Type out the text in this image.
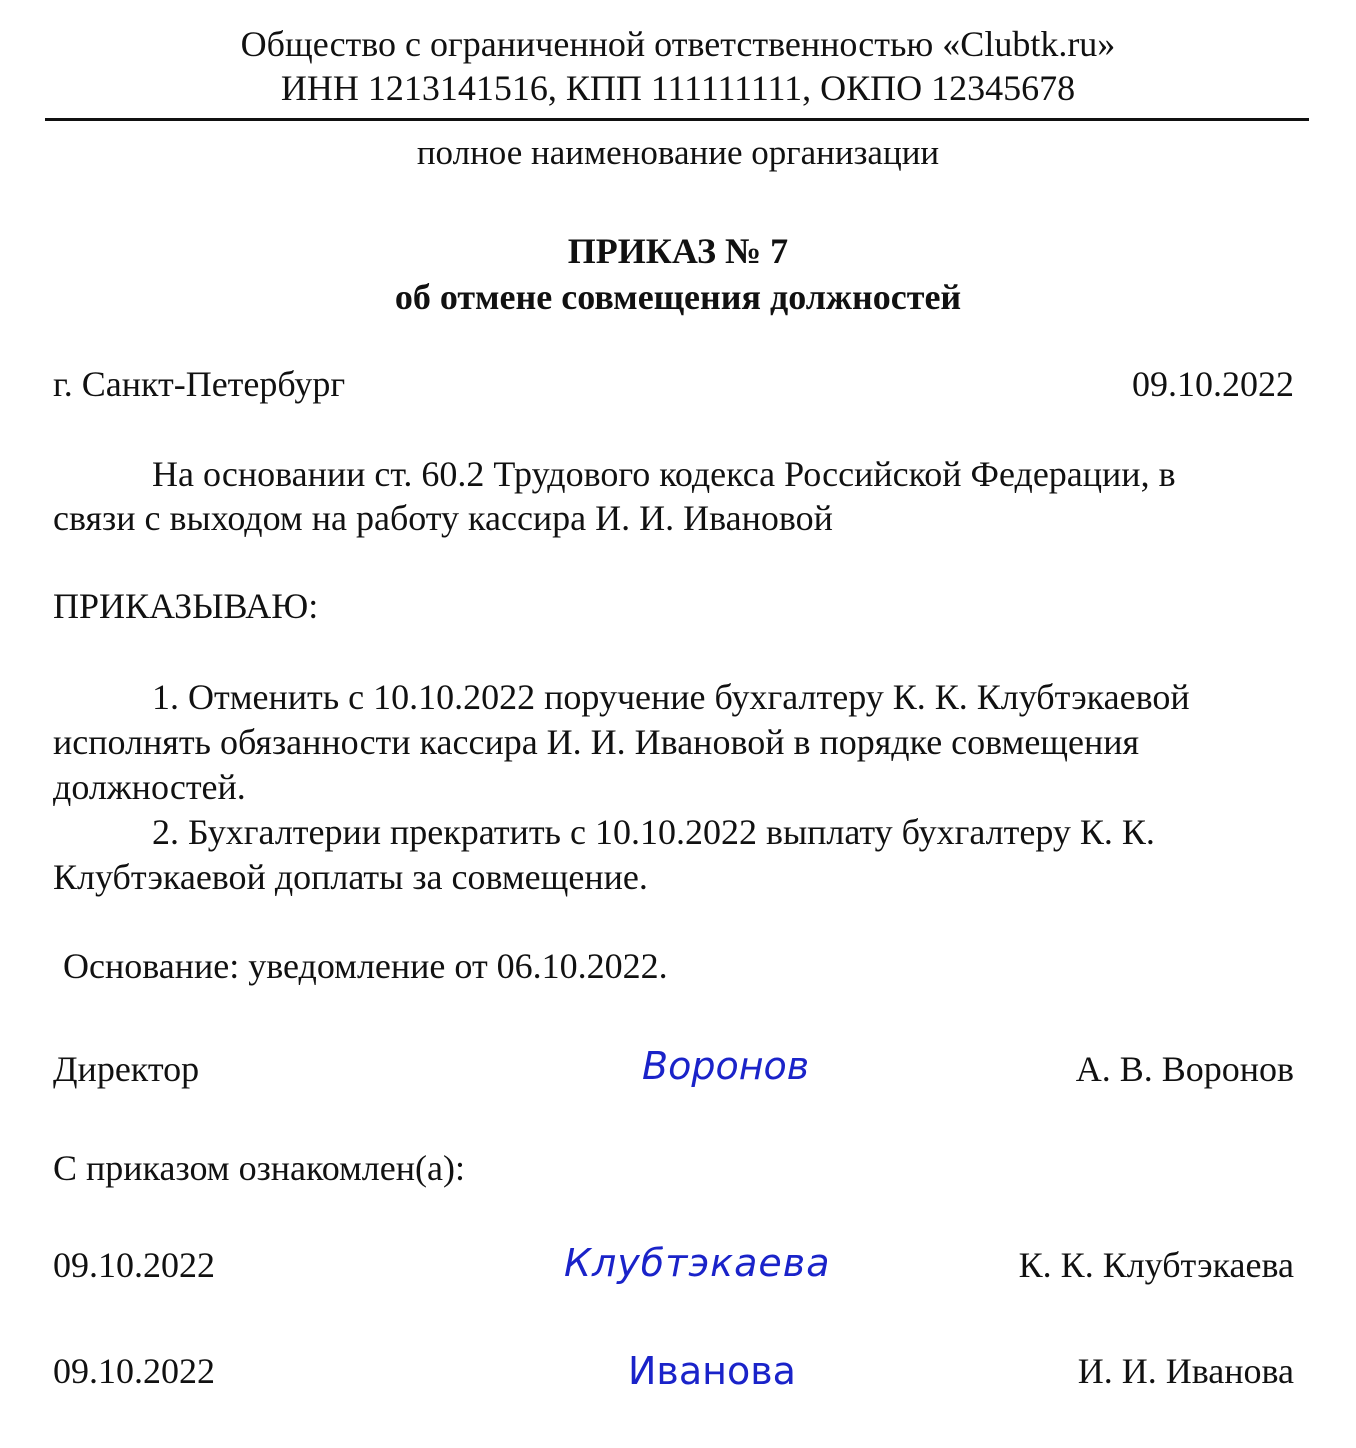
Общество с ограниченной ответственностью «Clubtk.ru»
ИНН 1213141516, КПП 111111111, ОКПО 12345678
полное наименование организации
ПРИКАЗ № 7
об отмене совмещения должностей
г. Санкт-Петербург	09.10.2022
На основании ст. 60.2 Трудового кодекса Российской Федерации, в
связи с выходом на работу кассира И. И. Ивановой
ПРИКАЗЫВАЮ:
1. Отменить с 10.10.2022 поручение бухгалтеру К. К. Клубтэкаевой
исполнять обязанности кассира И. И. Ивановой в порядке совмещения
должностей.
2. Бухгалтерии прекратить с 10.10.2022 выплату бухгалтеру К. К.
Клубтэкаевой доплаты за совмещение.
Основание: уведомление от 06.10.2022.
Директор	Воронов	А. В. Воронов
С приказом ознакомлен(а):
09.10.2022	Клубтэкаева	К. К. Клубтэкаева
09.10.2022	Иванова	И. И. Иванова
